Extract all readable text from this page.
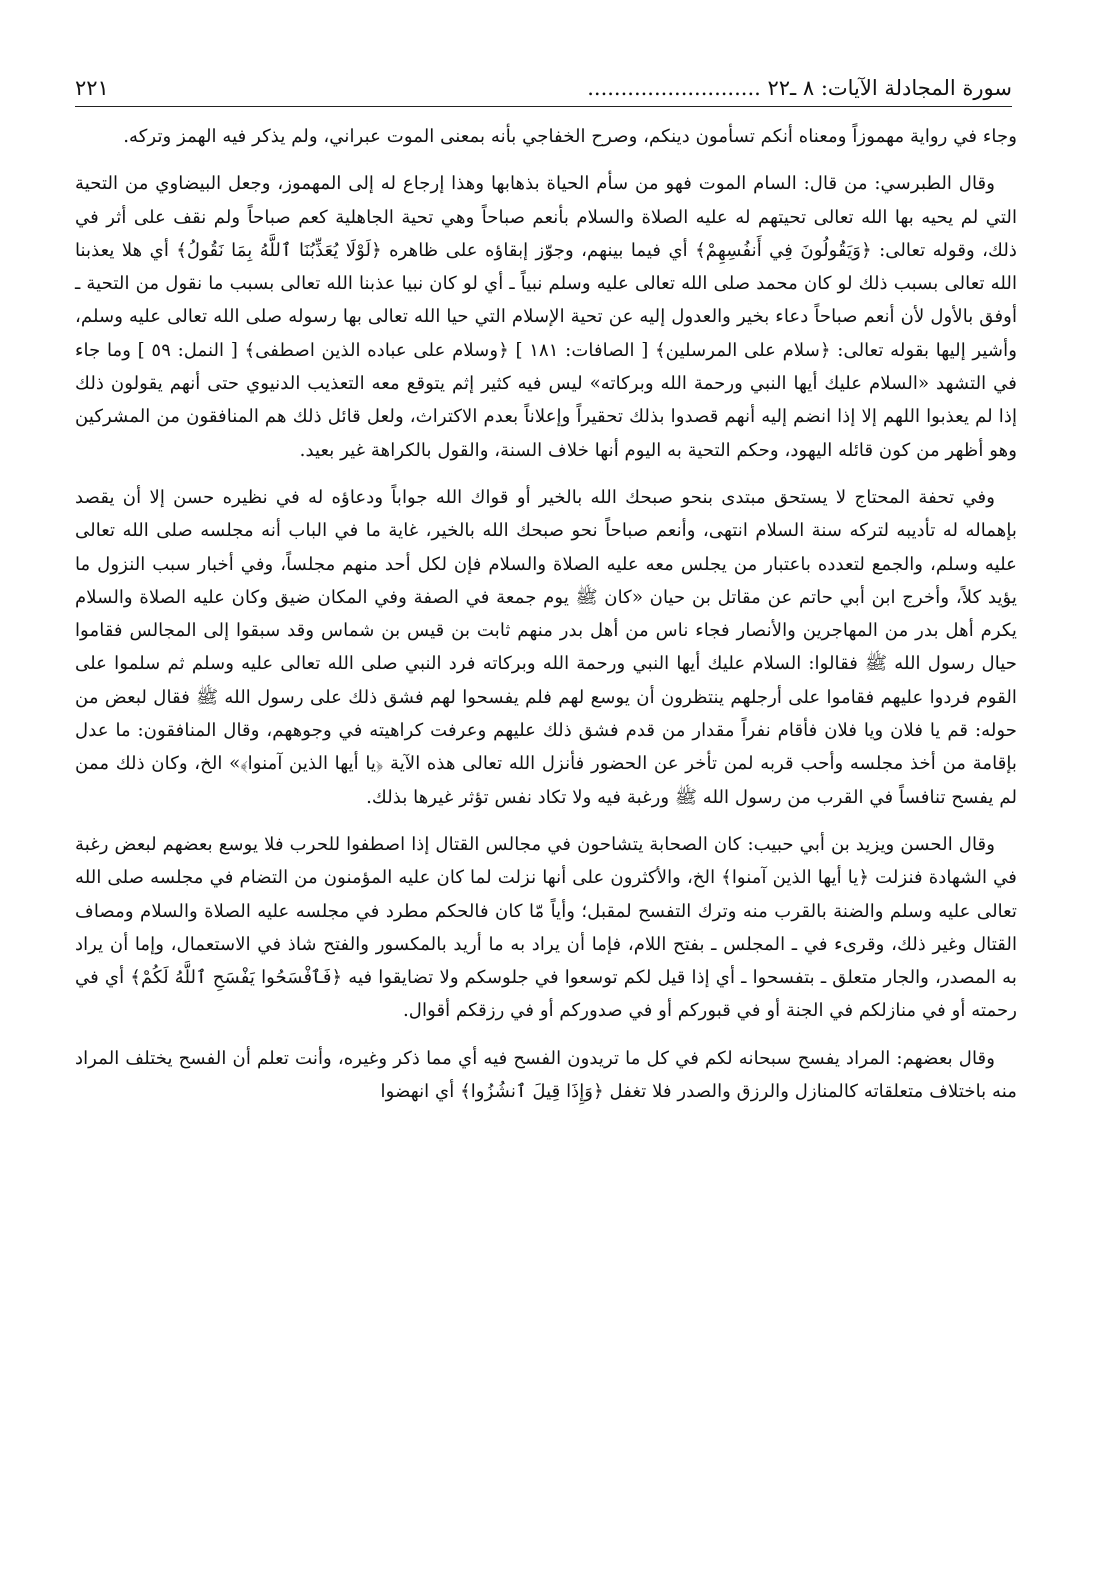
سورة المجادلة الآيات: ٨ ـ٢٢ ..........................
٢٢١

وجاء في رواية مهموزاً ومعناه أنكم تسأمون دينكم، وصرح الخفاجي بأنه بمعنى الموت عبراني، ولم يذكر فيه الهمز وتركه.

وقال الطبرسي: من قال: السام الموت فهو من سأم الحياة بذهابها وهذا إرجاع له إلى المهموز، وجعل البيضاوي من التحية التي لم يحيه بها الله تعالى تحيتهم له عليه الصلاة والسلام بأنعم صباحاً وهي تحية الجاهلية كعم صباحاً ولم نقف على أثر في ذلك، وقوله تعالى: ﴿وَيَقُولُونَ فِي أَنفُسِهِمْ﴾ أي فيما بينهم، وجوّز إبقاؤه على ظاهره ﴿لَوْلَا يُعَذِّبُنَا ٱللَّهُ بِمَا نَقُولُ﴾ أي هلا يعذبنا الله تعالى بسبب ذلك لو كان محمد صلى الله تعالى عليه وسلم نبياً ـ أي لو كان نبيا عذبنا الله تعالى بسبب ما نقول من التحية ـ أوفق بالأول لأن أنعم صباحاً دعاء بخير والعدول إليه عن تحية الإسلام التي حيا الله تعالى بها رسوله صلى الله تعالى عليه وسلم، وأشير إليها بقوله تعالى: ﴿سلام على المرسلين﴾ [ الصافات: ١٨١ ] ﴿وسلام على عباده الذين اصطفى﴾ [ النمل: ٥٩ ] وما جاء في التشهد «السلام عليك أيها النبي ورحمة الله وبركاته» ليس فيه كثير إثم يتوقع معه التعذيب الدنيوي حتى أنهم يقولون ذلك إذا لم يعذبوا اللهم إلا إذا انضم إليه أنهم قصدوا بذلك تحقيراً وإعلاناً بعدم الاكتراث، ولعل قائل ذلك هم المنافقون من المشركين وهو أظهر من كون قائله اليهود، وحكم التحية به اليوم أنها خلاف السنة، والقول بالكراهة غير بعيد.

وفي تحفة المحتاج لا يستحق مبتدى بنحو صبحك الله بالخير أو قواك الله جواباً ودعاؤه له في نظيره حسن إلا أن يقصد بإهماله له تأديبه لتركه سنة السلام انتهى، وأنعم صباحاً نحو صبحك الله بالخير، غاية ما في الباب أنه مجلسه صلى الله تعالى عليه وسلم، والجمع لتعدده باعتبار من يجلس معه عليه الصلاة والسلام فإن لكل أحد منهم مجلساً، وفي أخبار سبب النزول ما يؤيد كلاً، وأخرج ابن أبي حاتم عن مقاتل بن حيان «كان ﷺ يوم جمعة في الصفة وفي المكان ضيق وكان عليه الصلاة والسلام يكرم أهل بدر من المهاجرين والأنصار فجاء ناس من أهل بدر منهم ثابت بن قيس بن شماس وقد سبقوا إلى المجالس فقاموا حيال رسول الله ﷺ فقالوا: السلام عليك أيها النبي ورحمة الله وبركاته فرد النبي صلى الله تعالى عليه وسلم ثم سلموا على القوم فردوا عليهم فقاموا على أرجلهم ينتظرون أن يوسع لهم فلم يفسحوا لهم فشق ذلك على رسول الله ﷺ فقال لبعض من حوله: قم يا فلان ويا فلان فأقام نفراً مقدار من قدم فشق ذلك عليهم وعرفت كراهيته في وجوههم، وقال المنافقون: ما عدل بإقامة من أخذ مجلسه وأحب قربه لمن تأخر عن الحضور فأنزل الله تعالى هذه الآية ﴿يا أيها الذين آمنوا﴾» الخ، وكان ذلك ممن لم يفسح تنافساً في القرب من رسول الله ﷺ ورغبة فيه ولا تكاد نفس تؤثر غيرها بذلك.

وقال الحسن ويزيد بن أبي حبيب: كان الصحابة يتشاحون في مجالس القتال إذا اصطفوا للحرب فلا يوسع بعضهم لبعض رغبة في الشهادة فنزلت ﴿يا أيها الذين آمنوا﴾ الخ، والأكثرون على أنها نزلت لما كان عليه المؤمنون من التضام في مجلسه صلى الله تعالى عليه وسلم والضنة بالقرب منه وترك التفسح لمقبل؛ وأياً مّا كان فالحكم مطرد في مجلسه عليه الصلاة والسلام ومصاف القتال وغير ذلك، وقرىء في ـ المجلس ـ بفتح اللام، فإما أن يراد به ما أريد بالمكسور والفتح شاذ في الاستعمال، وإما أن يراد به المصدر، والجار متعلق ـ بتفسحوا ـ أي إذا قيل لكم توسعوا في جلوسكم ولا تضايقوا فيه ﴿فَٱفْسَحُوا يَفْسَحِ ٱللَّهُ لَكُمْ﴾ أي في رحمته أو في منازلكم في الجنة أو في قبوركم أو في صدوركم أو في رزقكم أقوال.

وقال بعضهم: المراد يفسح سبحانه لكم في كل ما تريدون الفسح فيه أي مما ذكر وغيره، وأنت تعلم أن الفسح يختلف المراد منه باختلاف متعلقاته كالمنازل والرزق والصدر فلا تغفل ﴿وَإِذَا قِيلَ ٱنشُزُوا﴾ أي انهضوا
